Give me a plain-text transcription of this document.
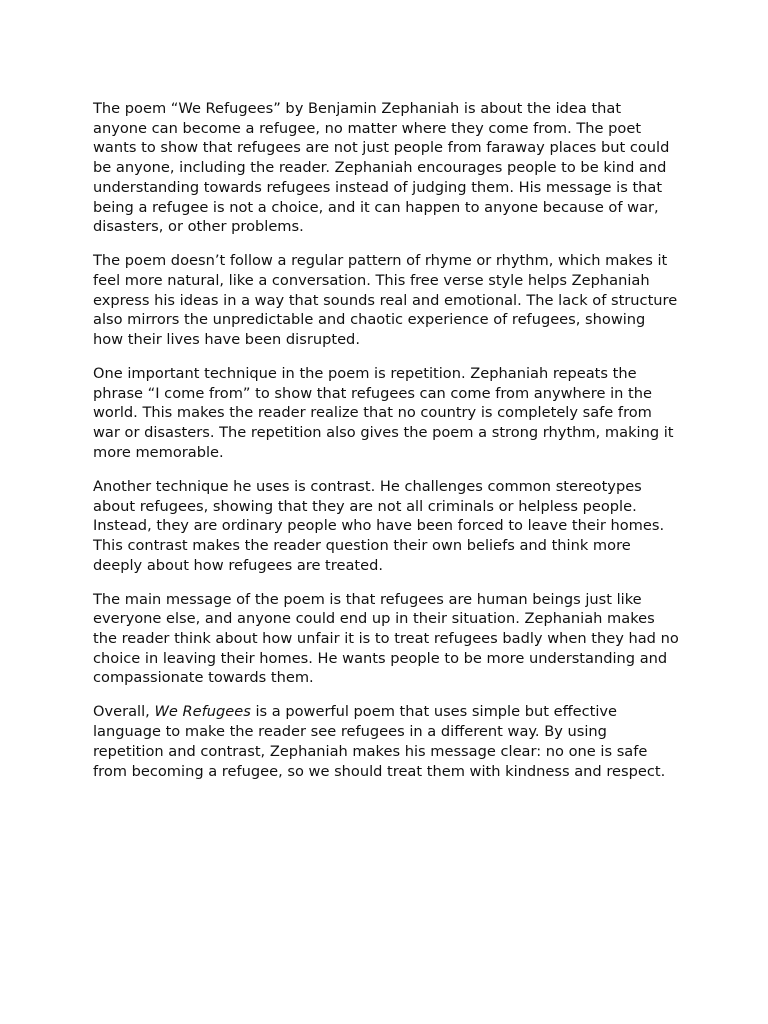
The poem “We Refugees” by Benjamin Zephaniah is about the idea that anyone can become a refugee, no matter where they come from. The poet wants to show that refugees are not just people from faraway places but could be anyone, including the reader. Zephaniah encourages people to be kind and understanding towards refugees instead of judging them. His message is that being a refugee is not a choice, and it can happen to anyone because of war, disasters, or other problems.

The poem doesn’t follow a regular pattern of rhyme or rhythm, which makes it feel more natural, like a conversation. This free verse style helps Zephaniah express his ideas in a way that sounds real and emotional. The lack of structure also mirrors the unpredictable and chaotic experience of refugees, showing how their lives have been disrupted.

One important technique in the poem is repetition. Zephaniah repeats the phrase “I come from” to show that refugees can come from anywhere in the world. This makes the reader realize that no country is completely safe from war or disasters. The repetition also gives the poem a strong rhythm, making it more memorable.

Another technique he uses is contrast. He challenges common stereotypes about refugees, showing that they are not all criminals or helpless people. Instead, they are ordinary people who have been forced to leave their homes. This contrast makes the reader question their own beliefs and think more deeply about how refugees are treated.

The main message of the poem is that refugees are human beings just like everyone else, and anyone could end up in their situation. Zephaniah makes the reader think about how unfair it is to treat refugees badly when they had no choice in leaving their homes. He wants people to be more understanding and compassionate towards them.

Overall, We Refugees is a powerful poem that uses simple but effective language to make the reader see refugees in a different way. By using repetition and contrast, Zephaniah makes his message clear: no one is safe from becoming a refugee, so we should treat them with kindness and respect.
